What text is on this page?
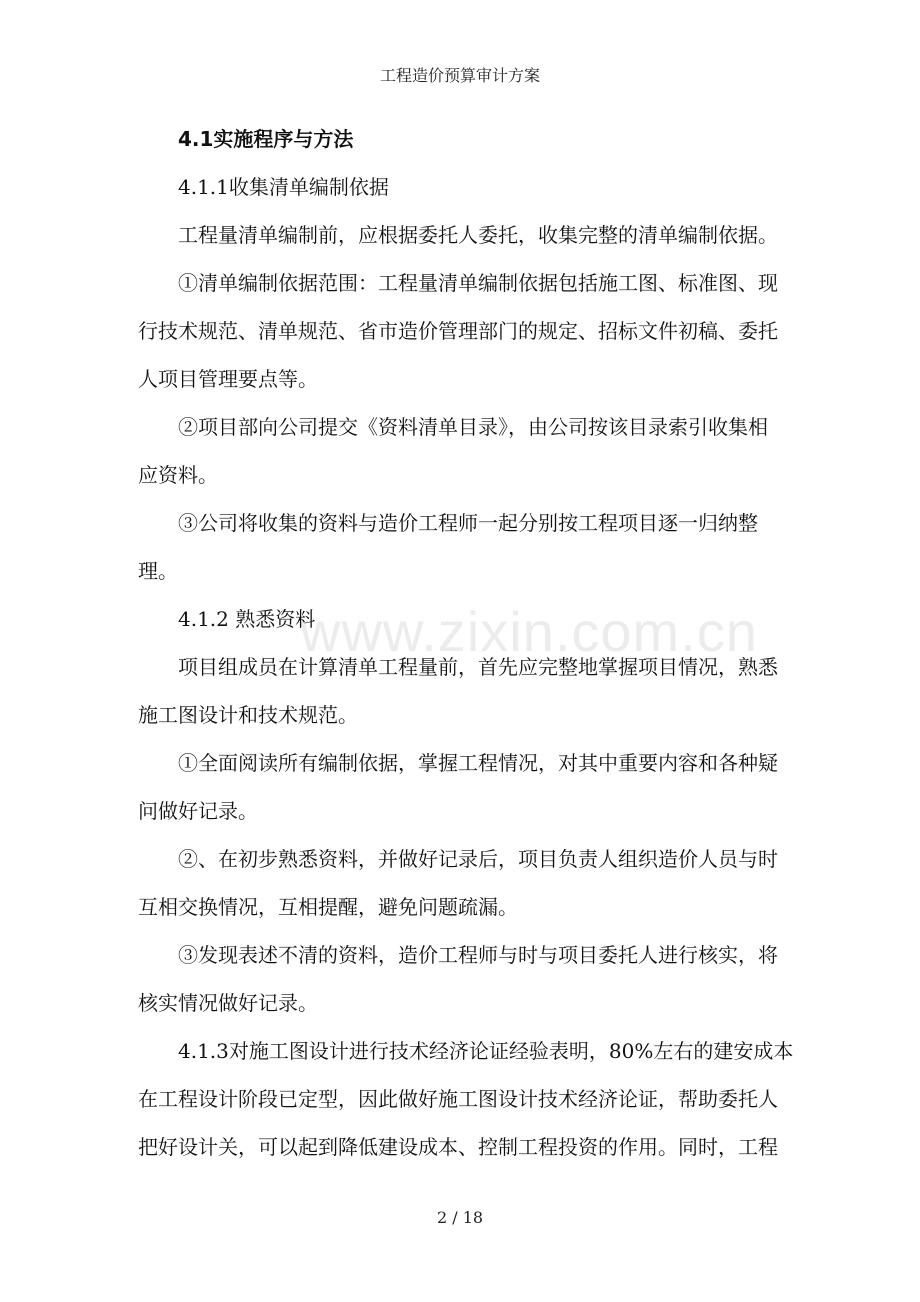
工程造价预算审计方案
www.zixin.com.cn
4.1实施程序与方法
4.1.1收集清单编制依据
工程量清单编制前，应根据委托人委托，收集完整的清单编制依据。
①清单编制依据范围：工程量清单编制依据包括施工图、标准图、现
行技术规范、清单规范、省市造价管理部门的规定、招标文件初稿、委托
人项目管理要点等。
②项目部向公司提交《资料清单目录》，由公司按该目录索引收集相
应资料。
③公司将收集的资料与造价工程师一起分别按工程项目逐一归纳整
理。
4.1.2 熟悉资料
项目组成员在计算清单工程量前，首先应完整地掌握项目情况，熟悉
施工图设计和技术规范。
①全面阅读所有编制依据，掌握工程情况，对其中重要内容和各种疑
问做好记录。
②、在初步熟悉资料，并做好记录后，项目负责人组织造价人员与时
互相交换情况，互相提醒，避免问题疏漏。
③发现表述不清的资料，造价工程师与时与项目委托人进行核实，将
核实情况做好记录。
4.1.3对施工图设计进行技术经济论证经验表明，80%左右的建安成本
在工程设计阶段已定型，因此做好施工图设计技术经济论证，帮助委托人
把好设计关，可以起到降低建设成本、控制工程投资的作用。同时，工程
2 / 18
